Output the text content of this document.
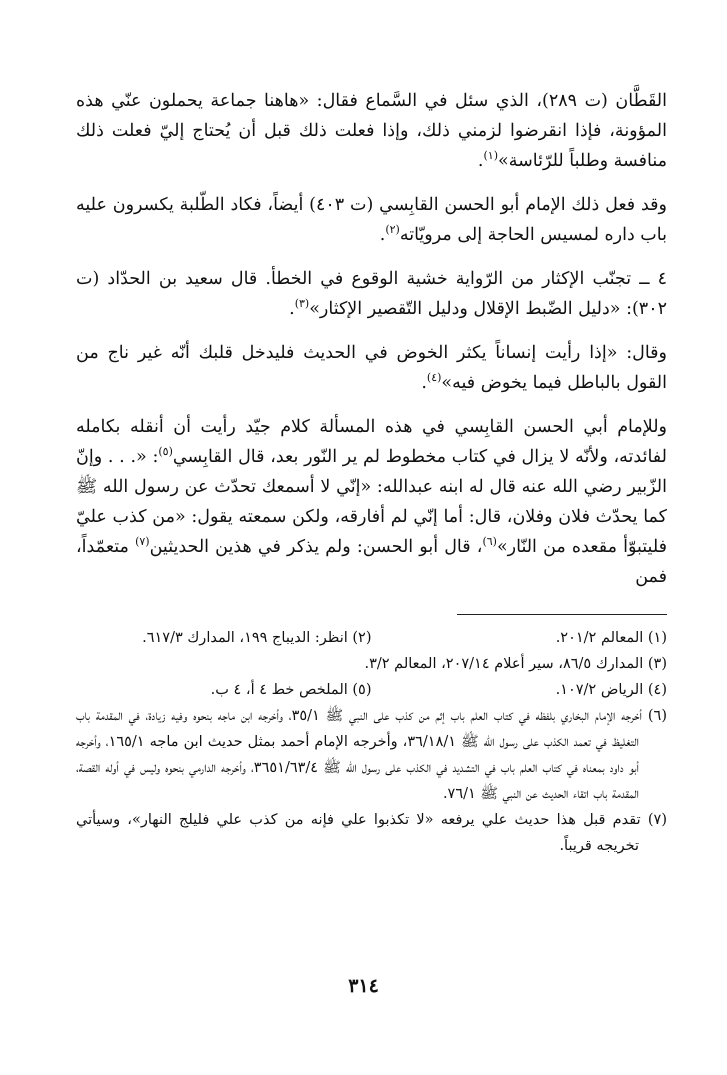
القَطَّان (ت ٢٨٩)، الذي سئل في السَّماع فقال: «هاهنا جماعة يحملون عنّي هذه المؤونة، فإذا انقرضوا لزمني ذلك، وإذا فعلت ذلك قبل أن يُحتاج إليّ فعلت ذلك منافسة وطلباً للرّئاسة»$^{(١)}$.

وقد فعل ذلك الإمام أبو الحسن القابِسي (ت ٤٠٣) أيضاً، فكاد الطّلبة يكسرون عليه باب داره لمسيس الحاجة إلى مرويّاته$^{(٢)}$.

٤ ــ تجنّب الإكثار من الرّواية خشية الوقوع في الخطأ. قال سعيد بن الحدّاد (ت ٣٠٢): «دليل الضّبط الإقلال ودليل التّقصير الإكثار»$^{(٣)}$.

وقال: «إذا رأيت إنساناً يكثر الخوض في الحديث فليدخل قلبك أنّه غير ناج من القول بالباطل فيما يخوض فيه»$^{(٤)}$.

وللإمام أبي الحسن القابِسي في هذه المسألة كلام جيّد رأيت أن أنقله بكامله لفائدته، ولأنّه لا يزال في كتاب مخطوط لم ير النّور بعد، قال القابِسي$^{(٥)}$: «. . . وإنّ الزّبير رضي الله عنه قال له ابنه عبدالله: «إنّي لا أسمعك تحدّث عن رسول الله ﷺ كما يحدّث فلان وفلان، قال: أما إنّي لم أفارقه، ولكن سمعته يقول: «من كذب عليّ فليتبوّأ مقعده من النّار»$^{(٦)}$، قال أبو الحسن: ولم يذكر في هذين الحديثين$^{(٧)}$ متعمّداً، فمن

(١) المعالم ٢٠١/٢.
(٢) انظر: الديباج ١٩٩، المدارك ٦١٧/٣.
(٣) المدارك ٨٦/٥، سير أعلام ٢٠٧/١٤، المعالم ٣/٢.
(٤) الرياض ١٠٧/٢.
(٥) الملخص خط ٤ أ، ٤ ب.
(٦) أخرجه الإمام البخاري بلفظه في كتاب العلم باب إثم من كذب على النبي ﷺ ٣٥/١، وأخرجه ابن ماجه بنحوه وفيه زيادة، في المقدمة باب التغليظ في تعمد الكذب على رسول الله ﷺ ٣٦/١٨/١، وأخرجه الإمام أحمد بمثل حديث ابن ماجه ١٦٥/١، وأخرجه أبو داود بمعناه في كتاب العلم باب في التشديد في الكذب على رسول الله ﷺ ٣٦٥١/٦٣/٤، وأخرجه الدارمي بنحوه وليس في أوله القصة، المقدمة باب اتقاء الحديث عن النبي ﷺ ٧٦/١.
(٧) تقدم قبل هذا حديث علي يرفعه «لا تكذبوا علي فإنه من كذب علي فليلج النهار»، وسيأتي تخريجه قريباً.
٣١٤
